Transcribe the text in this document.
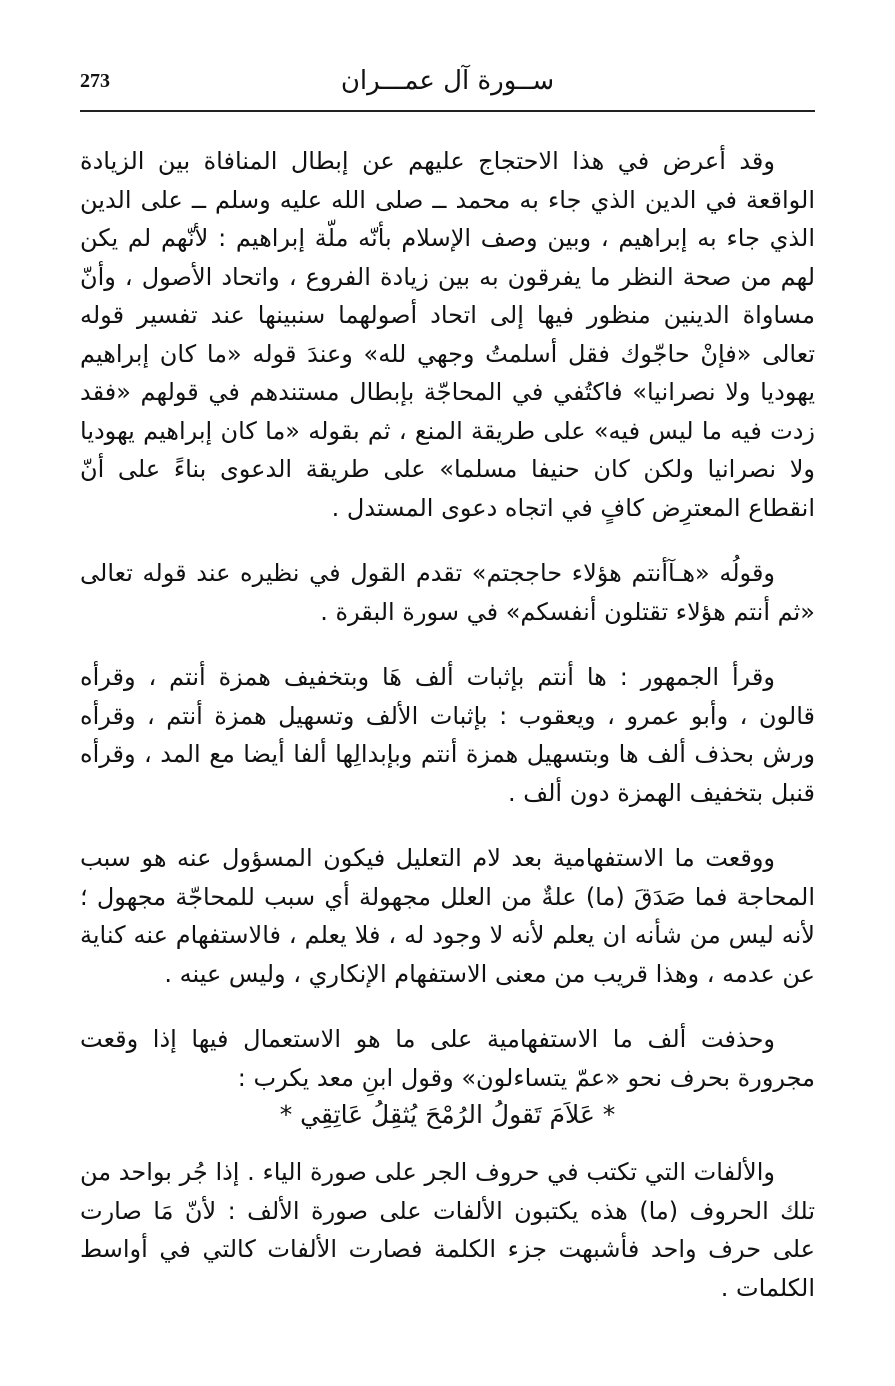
273	ســورة آل عمـــران

وقد أعرض في هذا الاحتجاج عليهم عن إبطال المنافاة بين الزيادة الواقعة في الدين الذي جاء به محمد ــ صلى الله عليه وسلم ــ على الدين الذي جاء به إبراهيم ، وبين وصف الإسلام بأنّه ملّة إبراهيم : لأنّهم لم يكن لهم من صحة النظر ما يفرقون به بين زيادة الفروع ، واتحاد الأصول ، وأنّ مساواة الدينين منظور فيها إلى اتحاد أصولهما سنبينها عند تفسير قوله تعالى «فإنْ حاجّوك فقل أسلمتُ وجهي لله» وعندَ قوله «ما كان إبراهيم يهوديا ولا نصرانيا» فاكتُفي في المحاجّة بإبطال مستندهم في قولهم «فقد زدت فيه ما ليس فيه» على طريقة المنع ، ثم بقوله «ما كان إبراهيم يهوديا ولا نصرانيا ولكن كان حنيفا مسلما» على طريقة الدعوى بناءً على أنّ انقطاع المعترِض كافٍ في اتجاه دعوى المستدل .

وقولُه «هـآأنتم هؤلاء حاججتم» تقدم القول في نظيره عند قوله تعالى «ثم أنتم هؤلاء تقتلون أنفسكم» في سورة البقرة .

وقرأ الجمهور : ها أنتم بإثبات ألف هَا وبتخفيف همزة أنتم ، وقرأه قالون ، وأبو عمرو ، ويعقوب : بإثبات الألف وتسهيل همزة أنتم ، وقرأه ورش بحذف ألف ها وبتسهيل همزة أنتم وبإبدالِها ألفا أيضا مع المد ، وقرأه قنبل بتخفيف الهمزة دون ألف .

ووقعت ما الاستفهامية بعد لام التعليل فيكون المسؤول عنه هو سبب المحاجة فما صَدَقَ (ما) علةٌ من العلل مجهولة أي سبب للمحاجّة مجهول ؛ لأنه ليس من شأنه ان يعلم لأنه لا وجود له ، فلا يعلم ، فالاستفهام عنه كناية عن عدمه ، وهذا قريب من معنى الاستفهام الإنكاري ، وليس عينه .

وحذفت ألف ما الاستفهامية على ما هو الاستعمال فيها إذا وقعت مجرورة بحرف نحو «عمّ يتساءلون» وقول ابنِ معد يكرب :

* عَلاَمَ تَقولُ الرُمْحَ يُثقِلُ عَاتِقِي *

والألفات التي تكتب في حروف الجر على صورة الياء . إذا جُر بواحد من تلك الحروف (ما) هذه يكتبون الألفات على صورة الألف : لأنّ مَا صارت على حرف واحد فأشبهت جزء الكلمة فصارت الألفات كالتي في أواسط الكلمات .
